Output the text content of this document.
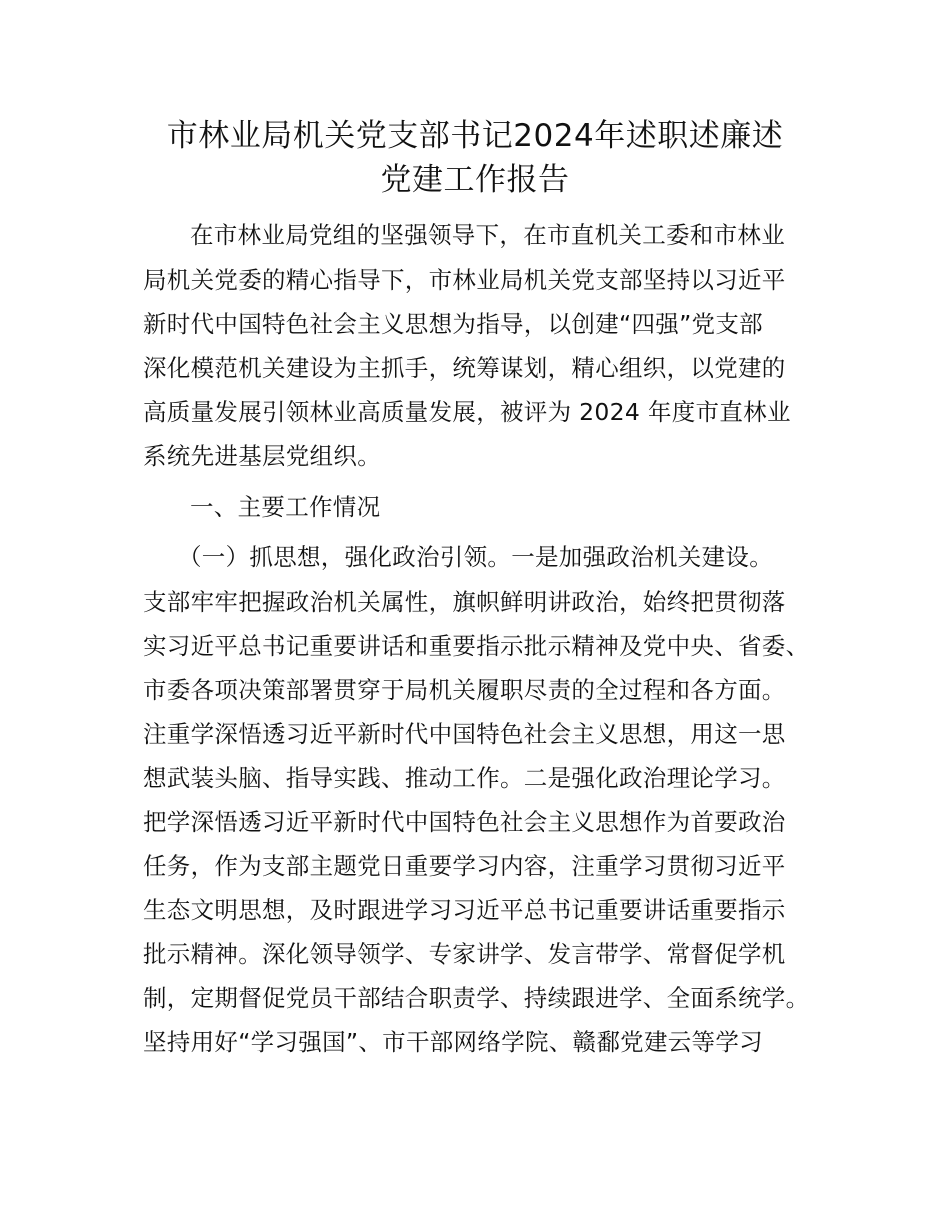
市林业局机关党支部书记2024年述职述廉述
党建工作报告
在市林业局党组的坚强领导下，在市直机关工委和市林业
局机关党委的精心指导下，市林业局机关党支部坚持以习近平
新时代中国特色社会主义思想为指导，以创建“四强”党支部
深化模范机关建设为主抓手，统筹谋划，精心组织，以党建的
高质量发展引领林业高质量发展，被评为 2024 年度市直林业
系统先进基层党组织。
一、主要工作情况
（一）抓思想，强化政治引领。一是加强政治机关建设。
支部牢牢把握政治机关属性，旗帜鲜明讲政治，始终把贯彻落
实习近平总书记重要讲话和重要指示批示精神及党中央、省委、
市委各项决策部署贯穿于局机关履职尽责的全过程和各方面。
注重学深悟透习近平新时代中国特色社会主义思想，用这一思
想武装头脑、指导实践、推动工作。二是强化政治理论学习。
把学深悟透习近平新时代中国特色社会主义思想作为首要政治
任务，作为支部主题党日重要学习内容，注重学习贯彻习近平
生态文明思想，及时跟进学习习近平总书记重要讲话重要指示
批示精神。深化领导领学、专家讲学、发言带学、常督促学机
制，定期督促党员干部结合职责学、持续跟进学、全面系统学。
坚持用好“学习强国”、市干部网络学院、赣鄱党建云等学习
